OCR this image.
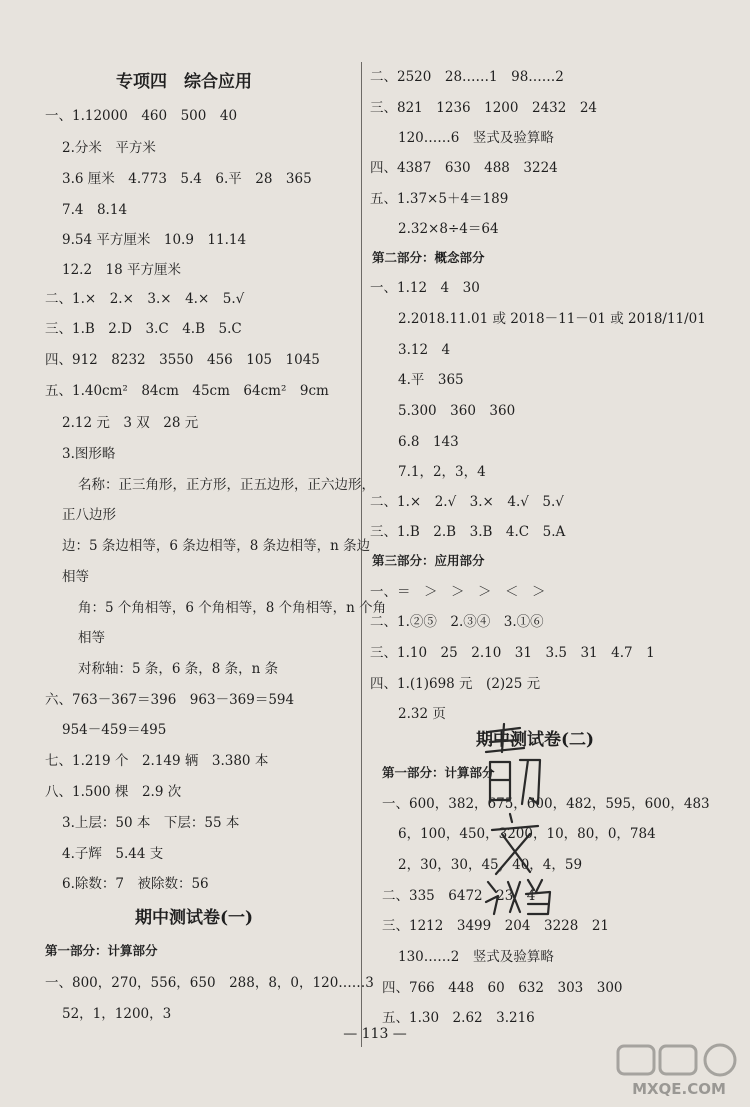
专项四　综合应用
一、1.12000　460　500　40
2.分米　平方米
3.6 厘米　4.773　5.4　6.平　28　365
7.4　8.14
9.54 平方厘米　10.9　11.14
12.2　18 平方厘米
二、1.×　2.×　3.×　4.×　5.√
三、1.B　2.D　3.C　4.B　5.C
四、912　8232　3550　456　105　1045
五、1.40cm²　84cm　45cm　64cm²　9cm
2.12 元　3 双　28 元
3.图形略
名称：正三角形，正方形，正五边形，正六边形，
正八边形
边：5 条边相等，6 条边相等，8 条边相等，n 条边
相等
角：5 个角相等，6 个角相等，8 个角相等，n 个角
相等
对称轴：5 条，6 条，8 条，n 条
六、763－367＝396　963－369＝594
954－459＝495
七、1.219 个　2.149 辆　3.380 本
八、1.500 棵　2.9 次
3.上层：50 本　下层：55 本
4.子辉　5.44 支
6.除数：7　被除数：56
期中测试卷(一)
第一部分：计算部分
一、800，270，556，650　288，8，0，120……3
52，1，1200，3
二、2520　28……1　98……2
三、821　1236　1200　2432　24
120……6　竖式及验算略
四、4387　630　488　3224
五、1.37×5＋4＝189
2.32×8÷4＝64
第二部分：概念部分
一、1.12　4　30
2.2018.11.01 或 2018－11－01 或 2018/11/01
3.12　4
4.平　365
5.300　360　360
6.8　143
7.1，2，3，4
二、1.×　2.√　3.×　4.√　5.√
三、1.B　2.B　3.B　4.C　5.A
第三部分：应用部分
一、＝　＞　＞　＞　＜　＞
二、1.②⑤　2.③④　3.①⑥
三、1.10　25　2.10　31　3.5　31　4.7　1
四、1.(1)698 元　(2)25 元
2.32 页
期中测试卷(二)
第一部分：计算部分
一、600，382，675，600，482，595，600，483
6，100，450，3200，10，80，0，784
2，30，30，45，40，4，59
二、335　6472　23　4
三、1212　3499　204　3228　21
130……2　竖式及验算略
四、766　448　60　632　303　300
五、1.30　2.62　3.216
— 113 —
MXQE.COM
